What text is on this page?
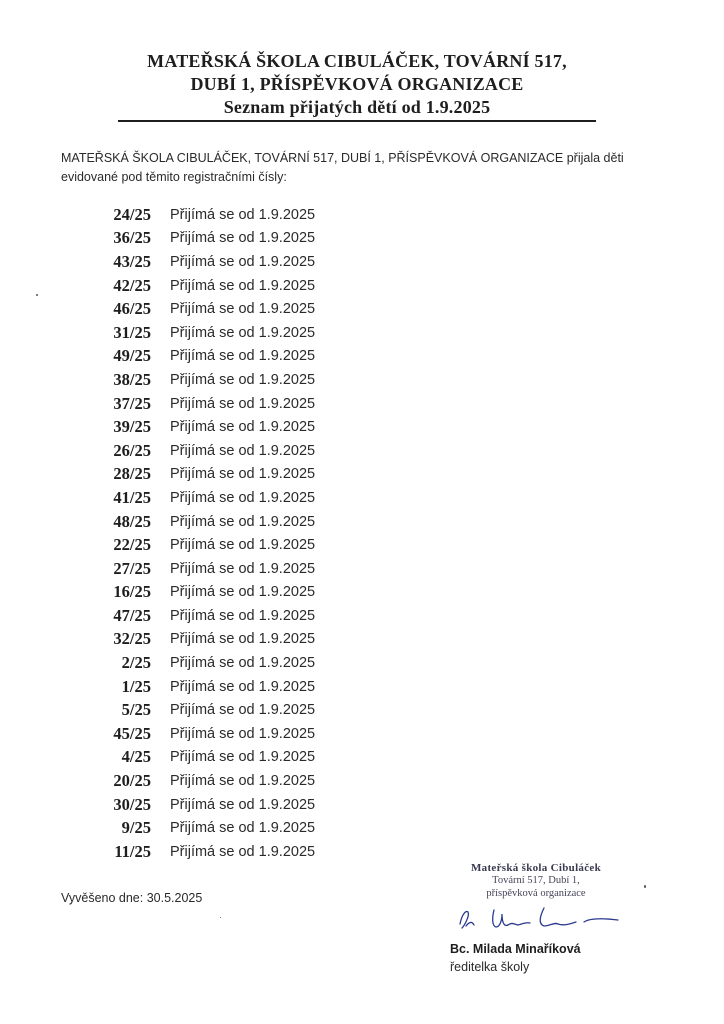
MATEŘSKÁ ŠKOLA CIBULÁČEK, TOVÁRNÍ 517,
DUBÍ 1, PŘÍSPĚVKOVÁ ORGANIZACE
Seznam přijatých dětí od 1.9.2025
MATEŘSKÁ ŠKOLA CIBULÁČEK, TOVÁRNÍ 517, DUBÍ 1, PŘÍSPĚVKOVÁ ORGANIZACE přijala děti
evidované pod těmito registračními čísly:
24/25 Přijímá se od 1.9.2025
36/25 Přijímá se od 1.9.2025
43/25 Přijímá se od 1.9.2025
42/25 Přijímá se od 1.9.2025
46/25 Přijímá se od 1.9.2025
31/25 Přijímá se od 1.9.2025
49/25 Přijímá se od 1.9.2025
38/25 Přijímá se od 1.9.2025
37/25 Přijímá se od 1.9.2025
39/25 Přijímá se od 1.9.2025
26/25 Přijímá se od 1.9.2025
28/25 Přijímá se od 1.9.2025
41/25 Přijímá se od 1.9.2025
48/25 Přijímá se od 1.9.2025
22/25 Přijímá se od 1.9.2025
27/25 Přijímá se od 1.9.2025
16/25 Přijímá se od 1.9.2025
47/25 Přijímá se od 1.9.2025
32/25 Přijímá se od 1.9.2025
2/25 Přijímá se od 1.9.2025
1/25 Přijímá se od 1.9.2025
5/25 Přijímá se od 1.9.2025
45/25 Přijímá se od 1.9.2025
4/25 Přijímá se od 1.9.2025
20/25 Přijímá se od 1.9.2025
30/25 Přijímá se od 1.9.2025
9/25 Přijímá se od 1.9.2025
11/25 Přijímá se od 1.9.2025
Vyvěšeno dne: 30.5.2025
Mateřská škola Cibuláček
Tovární 517, Dubí 1,
příspěvková organizace
Bc. Milada Minaříková
ředitelka školy
